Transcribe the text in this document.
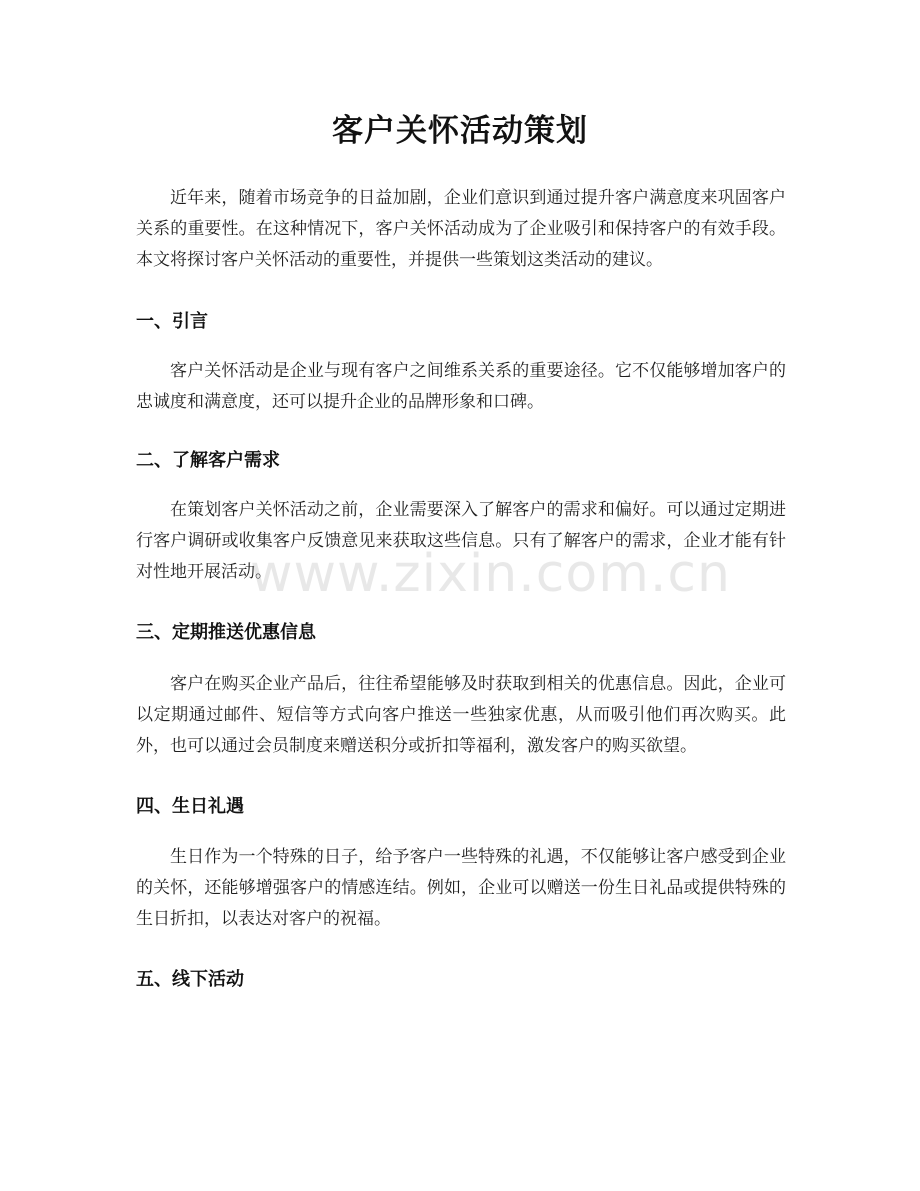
客户关怀活动策划
近年来，随着市场竞争的日益加剧，企业们意识到通过提升客户满意度来巩固客户关系的重要性。在这种情况下，客户关怀活动成为了企业吸引和保持客户的有效手段。本文将探讨客户关怀活动的重要性，并提供一些策划这类活动的建议。
一、引言
客户关怀活动是企业与现有客户之间维系关系的重要途径。它不仅能够增加客户的忠诚度和满意度，还可以提升企业的品牌形象和口碑。
二、了解客户需求
在策划客户关怀活动之前，企业需要深入了解客户的需求和偏好。可以通过定期进行客户调研或收集客户反馈意见来获取这些信息。只有了解客户的需求，企业才能有针对性地开展活动。
三、定期推送优惠信息
客户在购买企业产品后，往往希望能够及时获取到相关的优惠信息。因此，企业可以定期通过邮件、短信等方式向客户推送一些独家优惠，从而吸引他们再次购买。此外，也可以通过会员制度来赠送积分或折扣等福利，激发客户的购买欲望。
四、生日礼遇
生日作为一个特殊的日子，给予客户一些特殊的礼遇，不仅能够让客户感受到企业的关怀，还能够增强客户的情感连结。例如，企业可以赠送一份生日礼品或提供特殊的生日折扣，以表达对客户的祝福。
五、线下活动
www.zixin.com.cn
